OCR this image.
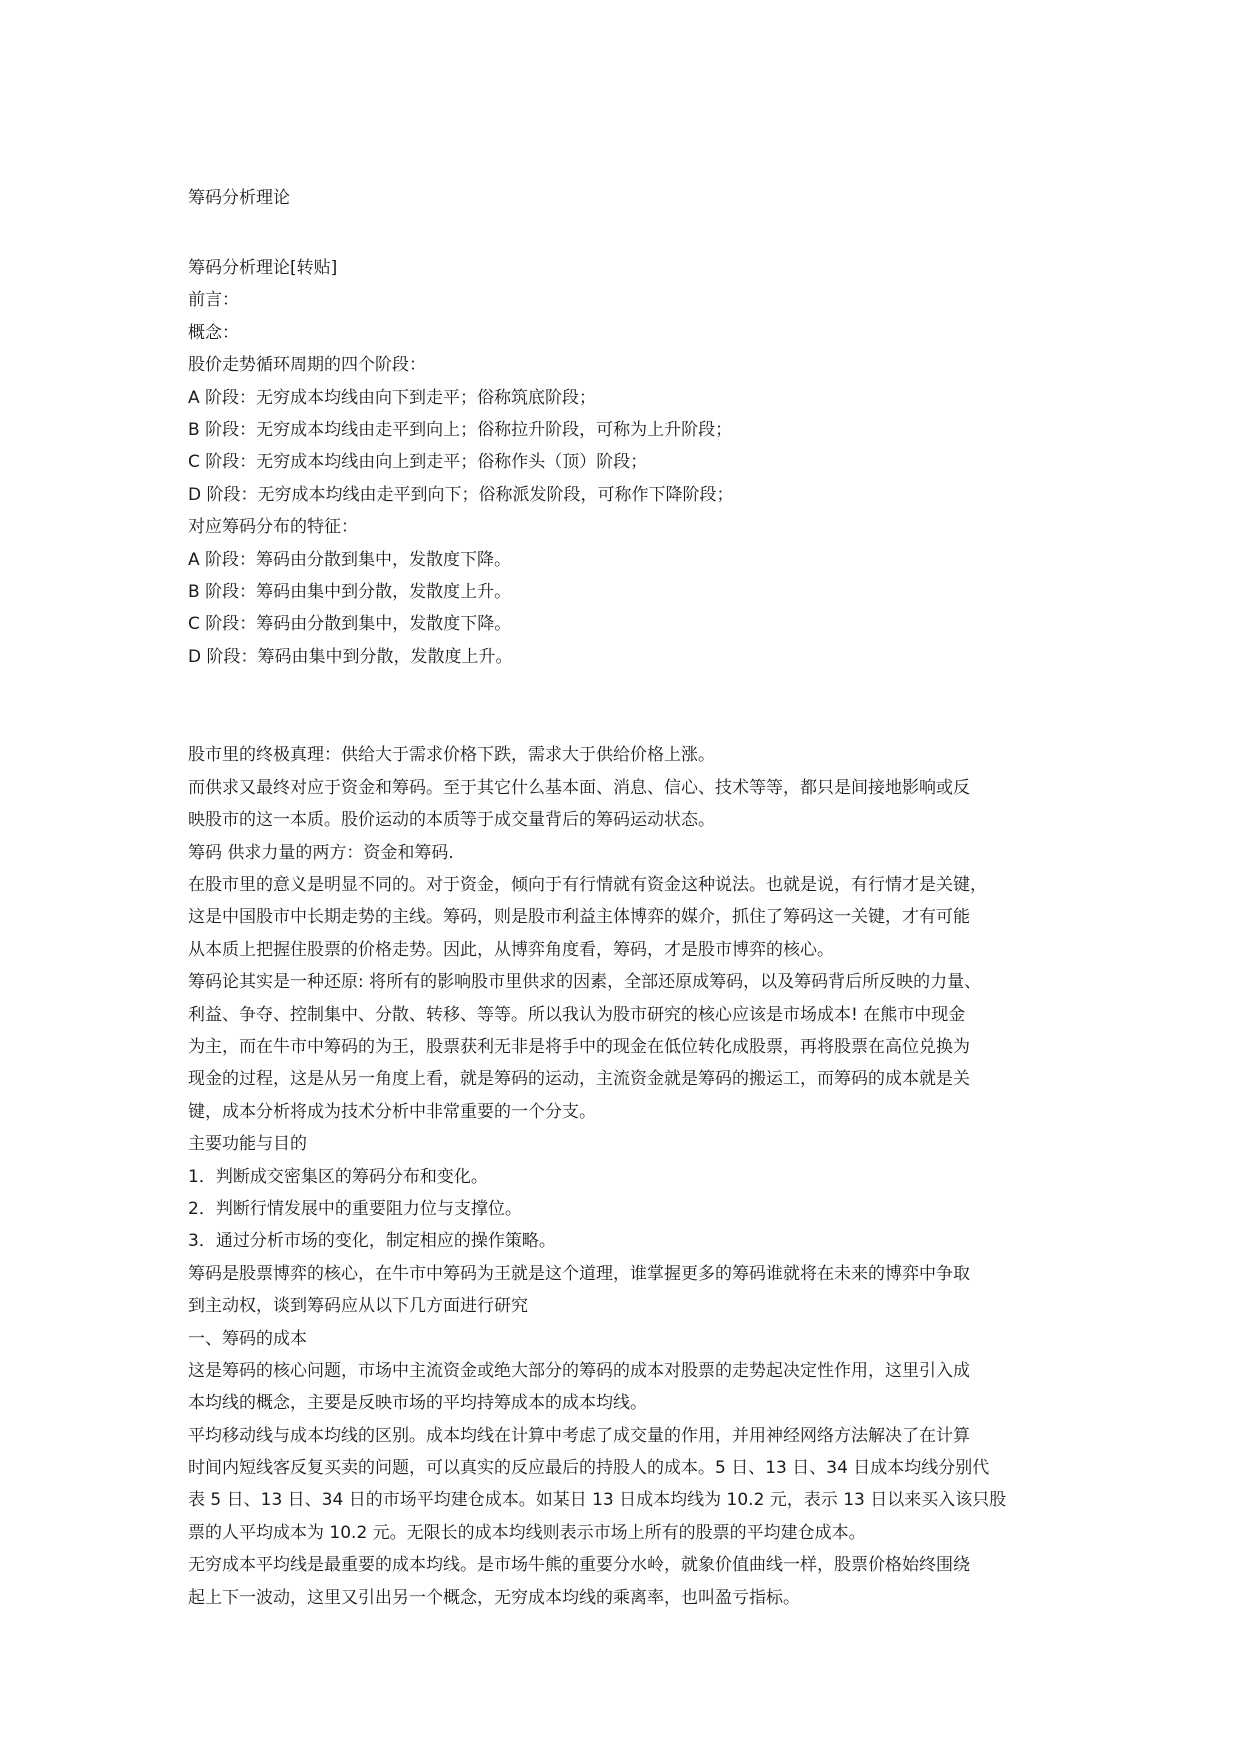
筹码分析理论

筹码分析理论[转贴]

前言：

概念：

股价走势循环周期的四个阶段：

A 阶段：无穷成本均线由向下到走平；俗称筑底阶段；

B 阶段：无穷成本均线由走平到向上；俗称拉升阶段，可称为上升阶段；

C 阶段：无穷成本均线由向上到走平；俗称作头（顶）阶段；

D 阶段：无穷成本均线由走平到向下；俗称派发阶段，可称作下降阶段；

对应筹码分布的特征：

A 阶段：筹码由分散到集中，发散度下降。

B 阶段：筹码由集中到分散，发散度上升。

C 阶段：筹码由分散到集中，发散度下降。

D 阶段：筹码由集中到分散，发散度上升。

股市里的终极真理：供给大于需求价格下跌，需求大于供给价格上涨。

而供求又最终对应于资金和筹码。至于其它什么基本面、消息、信心、技术等等，都只是间接地影响或反

映股市的这一本质。股价运动的本质等于成交量背后的筹码运动状态。

筹码 供求力量的两方：资金和筹码.

在股市里的意义是明显不同的。对于资金，倾向于有行情就有资金这种说法。也就是说，有行情才是关键，

这是中国股市中长期走势的主线。筹码，则是股市利益主体博弈的媒介，抓住了筹码这一关键，才有可能

从本质上把握住股票的价格走势。因此，从博弈角度看，筹码，才是股市博弈的核心。

筹码论其实是一种还原: 将所有的影响股市里供求的因素，全部还原成筹码，以及筹码背后所反映的力量、

利益、争夺、控制集中、分散、转移、等等。所以我认为股市研究的核心应该是市场成本! 在熊市中现金

为主，而在牛市中筹码的为王，股票获利无非是将手中的现金在低位转化成股票，再将股票在高位兑换为

现金的过程，这是从另一角度上看，就是筹码的运动，主流资金就是筹码的搬运工，而筹码的成本就是关

键，成本分析将成为技术分析中非常重要的一个分支。

主要功能与目的

1．判断成交密集区的筹码分布和变化。

2．判断行情发展中的重要阻力位与支撑位。

3．通过分析市场的变化，制定相应的操作策略。

筹码是股票博弈的核心，在牛市中筹码为王就是这个道理，谁掌握更多的筹码谁就将在未来的博弈中争取

到主动权，谈到筹码应从以下几方面进行研究

一、筹码的成本

这是筹码的核心问题，市场中主流资金或绝大部分的筹码的成本对股票的走势起决定性作用，这里引入成

本均线的概念，主要是反映市场的平均持筹成本的成本均线。

平均移动线与成本均线的区别。成本均线在计算中考虑了成交量的作用，并用神经网络方法解决了在计算

时间内短线客反复买卖的问题，可以真实的反应最后的持股人的成本。5 日、13 日、34 日成本均线分别代

表 5 日、13 日、34 日的市场平均建仓成本。如某日 13 日成本均线为 10.2 元，表示 13 日以来买入该只股

票的人平均成本为 10.2 元。无限长的成本均线则表示市场上所有的股票的平均建仓成本。

无穷成本平均线是最重要的成本均线。是市场牛熊的重要分水岭，就象价值曲线一样，股票价格始终围绕

起上下一波动，这里又引出另一个概念，无穷成本均线的乘离率，也叫盈亏指标。
